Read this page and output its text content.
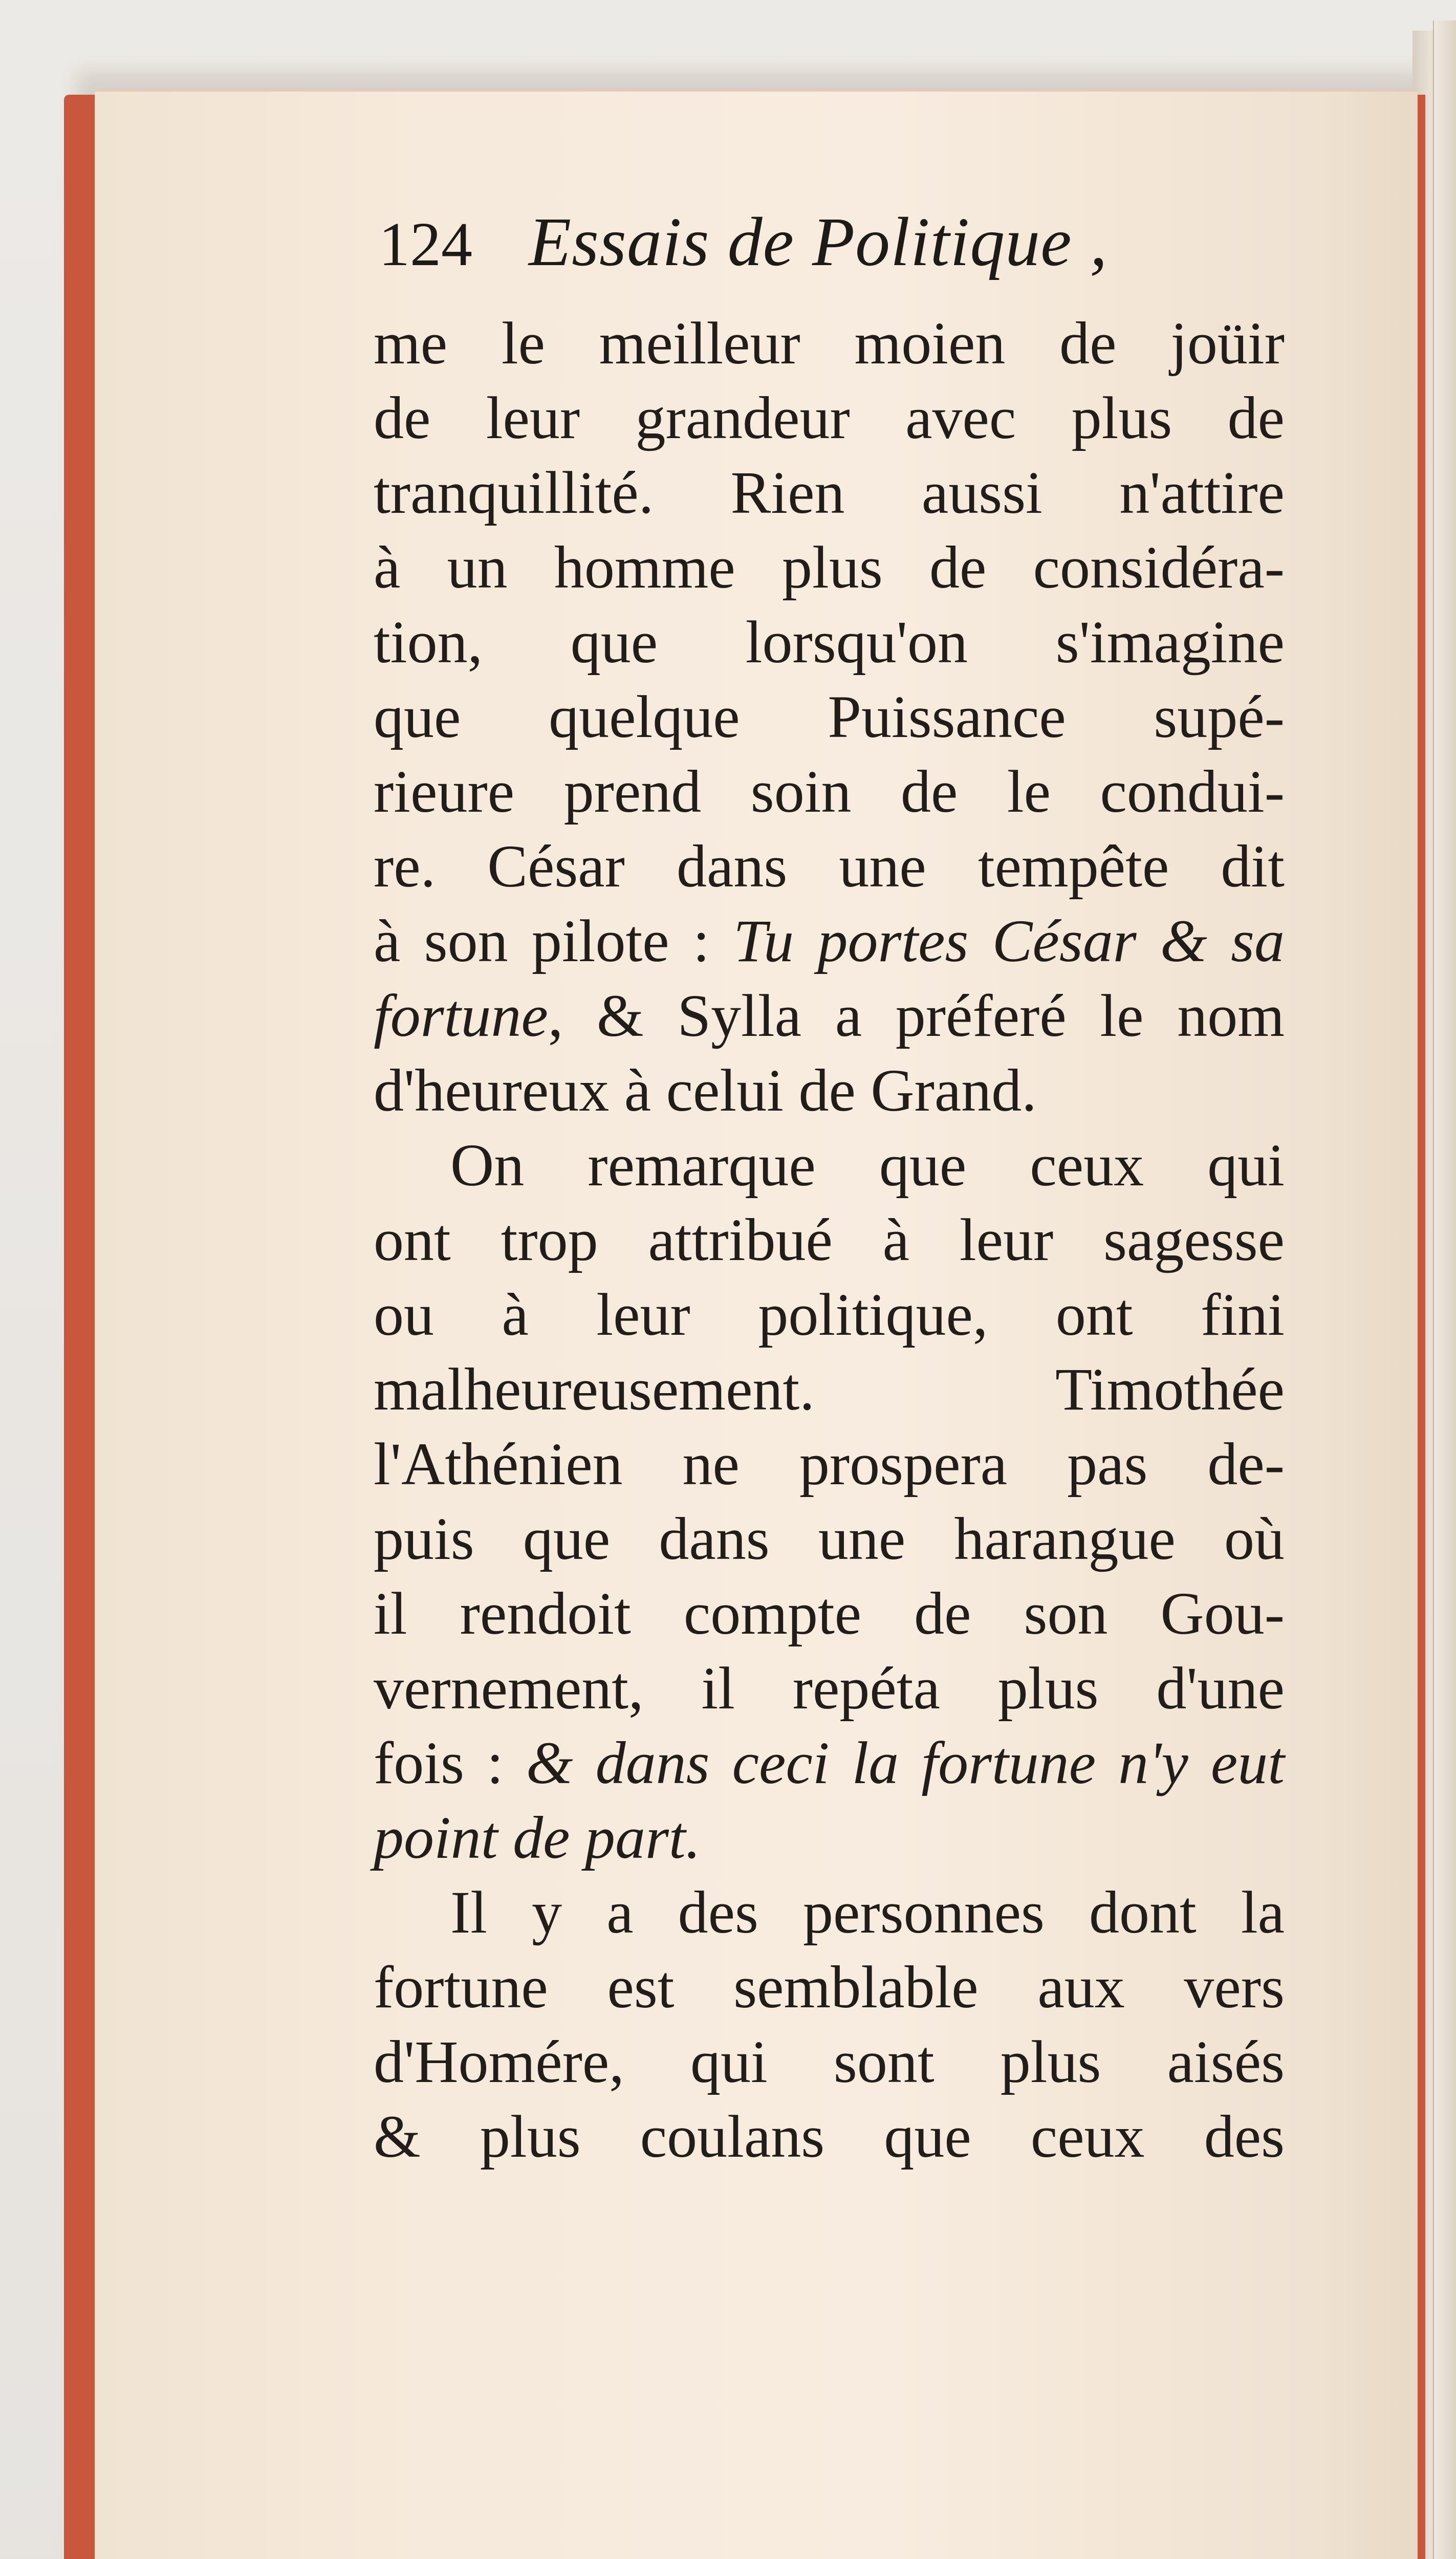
124 Essais de Politique ,
me le meilleur moien de joüir
de leur grandeur avec plus de
tranquillité. Rien aussi n'attire
à un homme plus de considéra-
tion, que lorsqu'on s'imagine
que quelque Puissance supé-
rieure prend soin de le condui-
re. César dans une tempête dit
à son pilote : Tu portes César & sa
fortune, & Sylla a préferé le nom
d'heureux à celui de Grand.
On remarque que ceux qui
ont trop attribué à leur sagesse
ou à leur politique, ont fini
malheureusement. Timothée
l'Athénien ne prospera pas de-
puis que dans une harangue où
il rendoit compte de son Gou-
vernement, il repéta plus d'une
fois : & dans ceci la fortune n'y eut
point de part.
Il y a des personnes dont la
fortune est semblable aux vers
d'Homére, qui sont plus aisés
& plus coulans que ceux des
